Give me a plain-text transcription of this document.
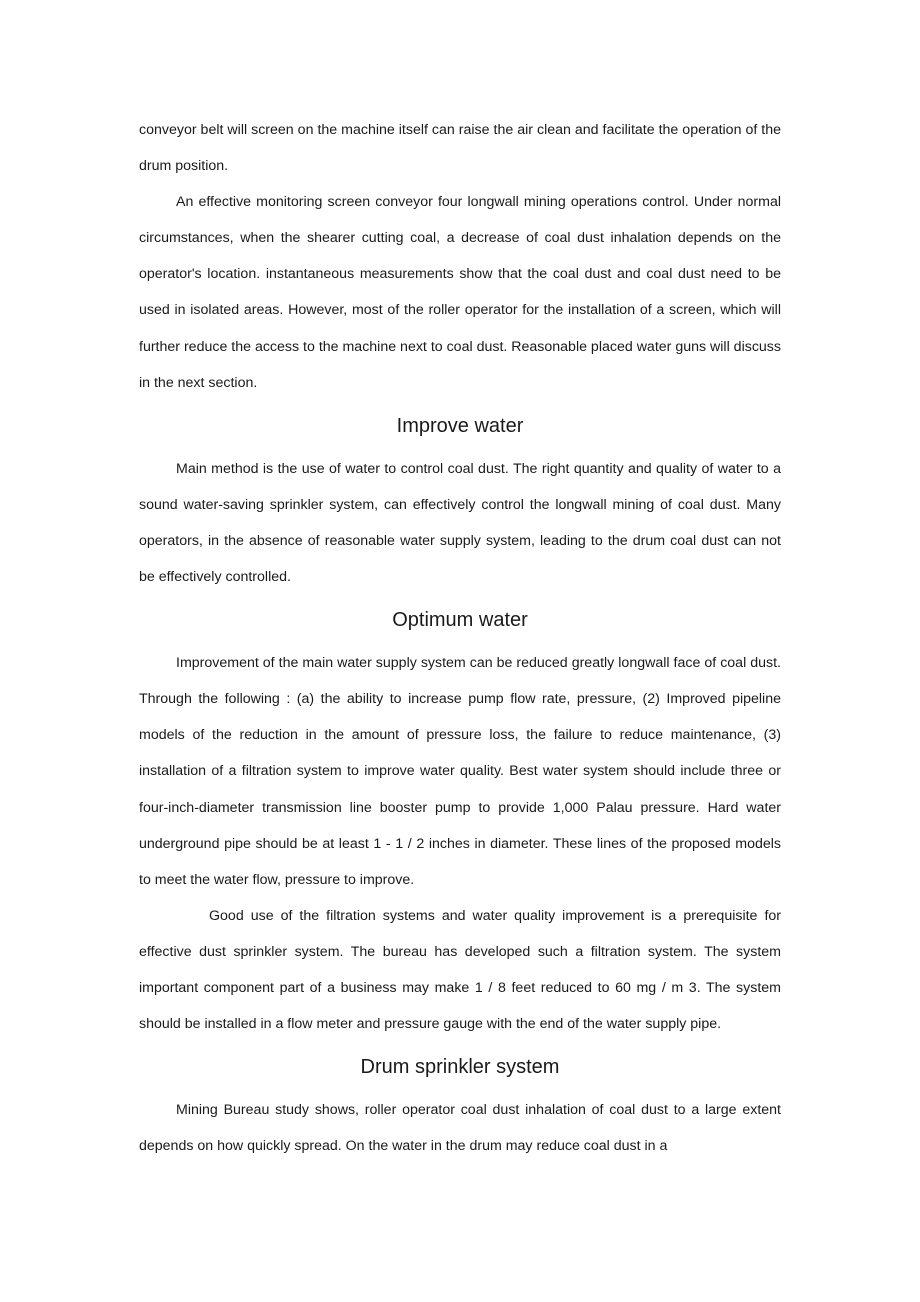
conveyor belt will screen on the machine itself can raise the air clean and facilitate the operation of the drum position.

An effective monitoring screen conveyor four longwall mining operations control. Under normal circumstances, when the shearer cutting coal, a decrease of coal dust inhalation depends on the operator's location. instantaneous measurements show that the coal dust and coal dust need to be used in isolated areas. However, most of the roller operator for the installation of a screen, which will further reduce the access to the machine next to coal dust. Reasonable placed water guns will discuss in the next section.

Improve water

Main method is the use of water to control coal dust. The right quantity and quality of water to a sound water-saving sprinkler system, can effectively control the longwall mining of coal dust. Many operators, in the absence of reasonable water supply system, leading to the drum coal dust can not be effectively controlled.

Optimum water

Improvement of the main water supply system can be reduced greatly longwall face of coal dust. Through the following : (a) the ability to increase pump flow rate, pressure, (2) Improved pipeline models of the reduction in the amount of pressure loss, the failure to reduce maintenance, (3) installation of a filtration system to improve water quality. Best water system should include three or four-inch-diameter transmission line booster pump to provide 1,000 Palau pressure. Hard water underground pipe should be at least 1 - 1 / 2 inches in diameter. These lines of the proposed models to meet the water flow, pressure to improve.

Good use of the filtration systems and water quality improvement is a prerequisite for effective dust sprinkler system. The bureau has developed such a filtration system. The system important component part of a business may make 1 / 8 feet reduced to 60 mg / m 3. The system should be installed in a flow meter and pressure gauge with the end of the water supply pipe.

Drum sprinkler system

Mining Bureau study shows, roller operator coal dust inhalation of coal dust to a large extent depends on how quickly spread. On the water in the drum may reduce coal dust in a
